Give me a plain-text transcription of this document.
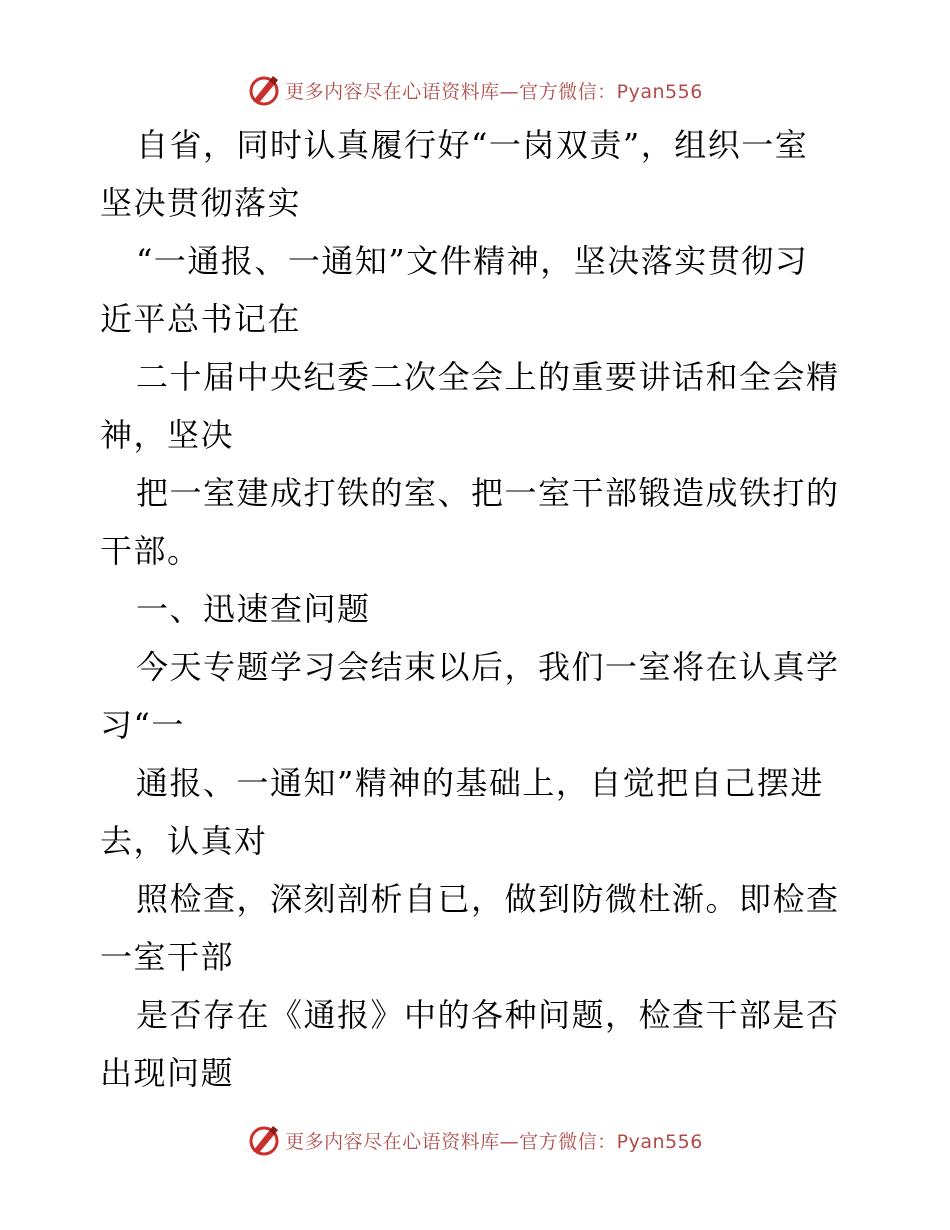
更多内容尽在心语资料库—官方微信：Pyan556
自省，同时认真履行好“一岗双责”，组织一室
坚决贯彻落实
“一通报、一通知”文件精神，坚决落实贯彻习
近平总书记在
二十届中央纪委二次全会上的重要讲话和全会精
神，坚决
把一室建成打铁的室、把一室干部锻造成铁打的
干部。
一、迅速查问题
今天专题学习会结束以后，我们一室将在认真学
习“一
通报、一通知”精神的基础上，自觉把自己摆进
去，认真对
照检查，深刻剖析自已，做到防微杜渐。即检查
一室干部
是否存在《通报》中的各种问题，检查干部是否
出现问题
更多内容尽在心语资料库—官方微信：Pyan556
